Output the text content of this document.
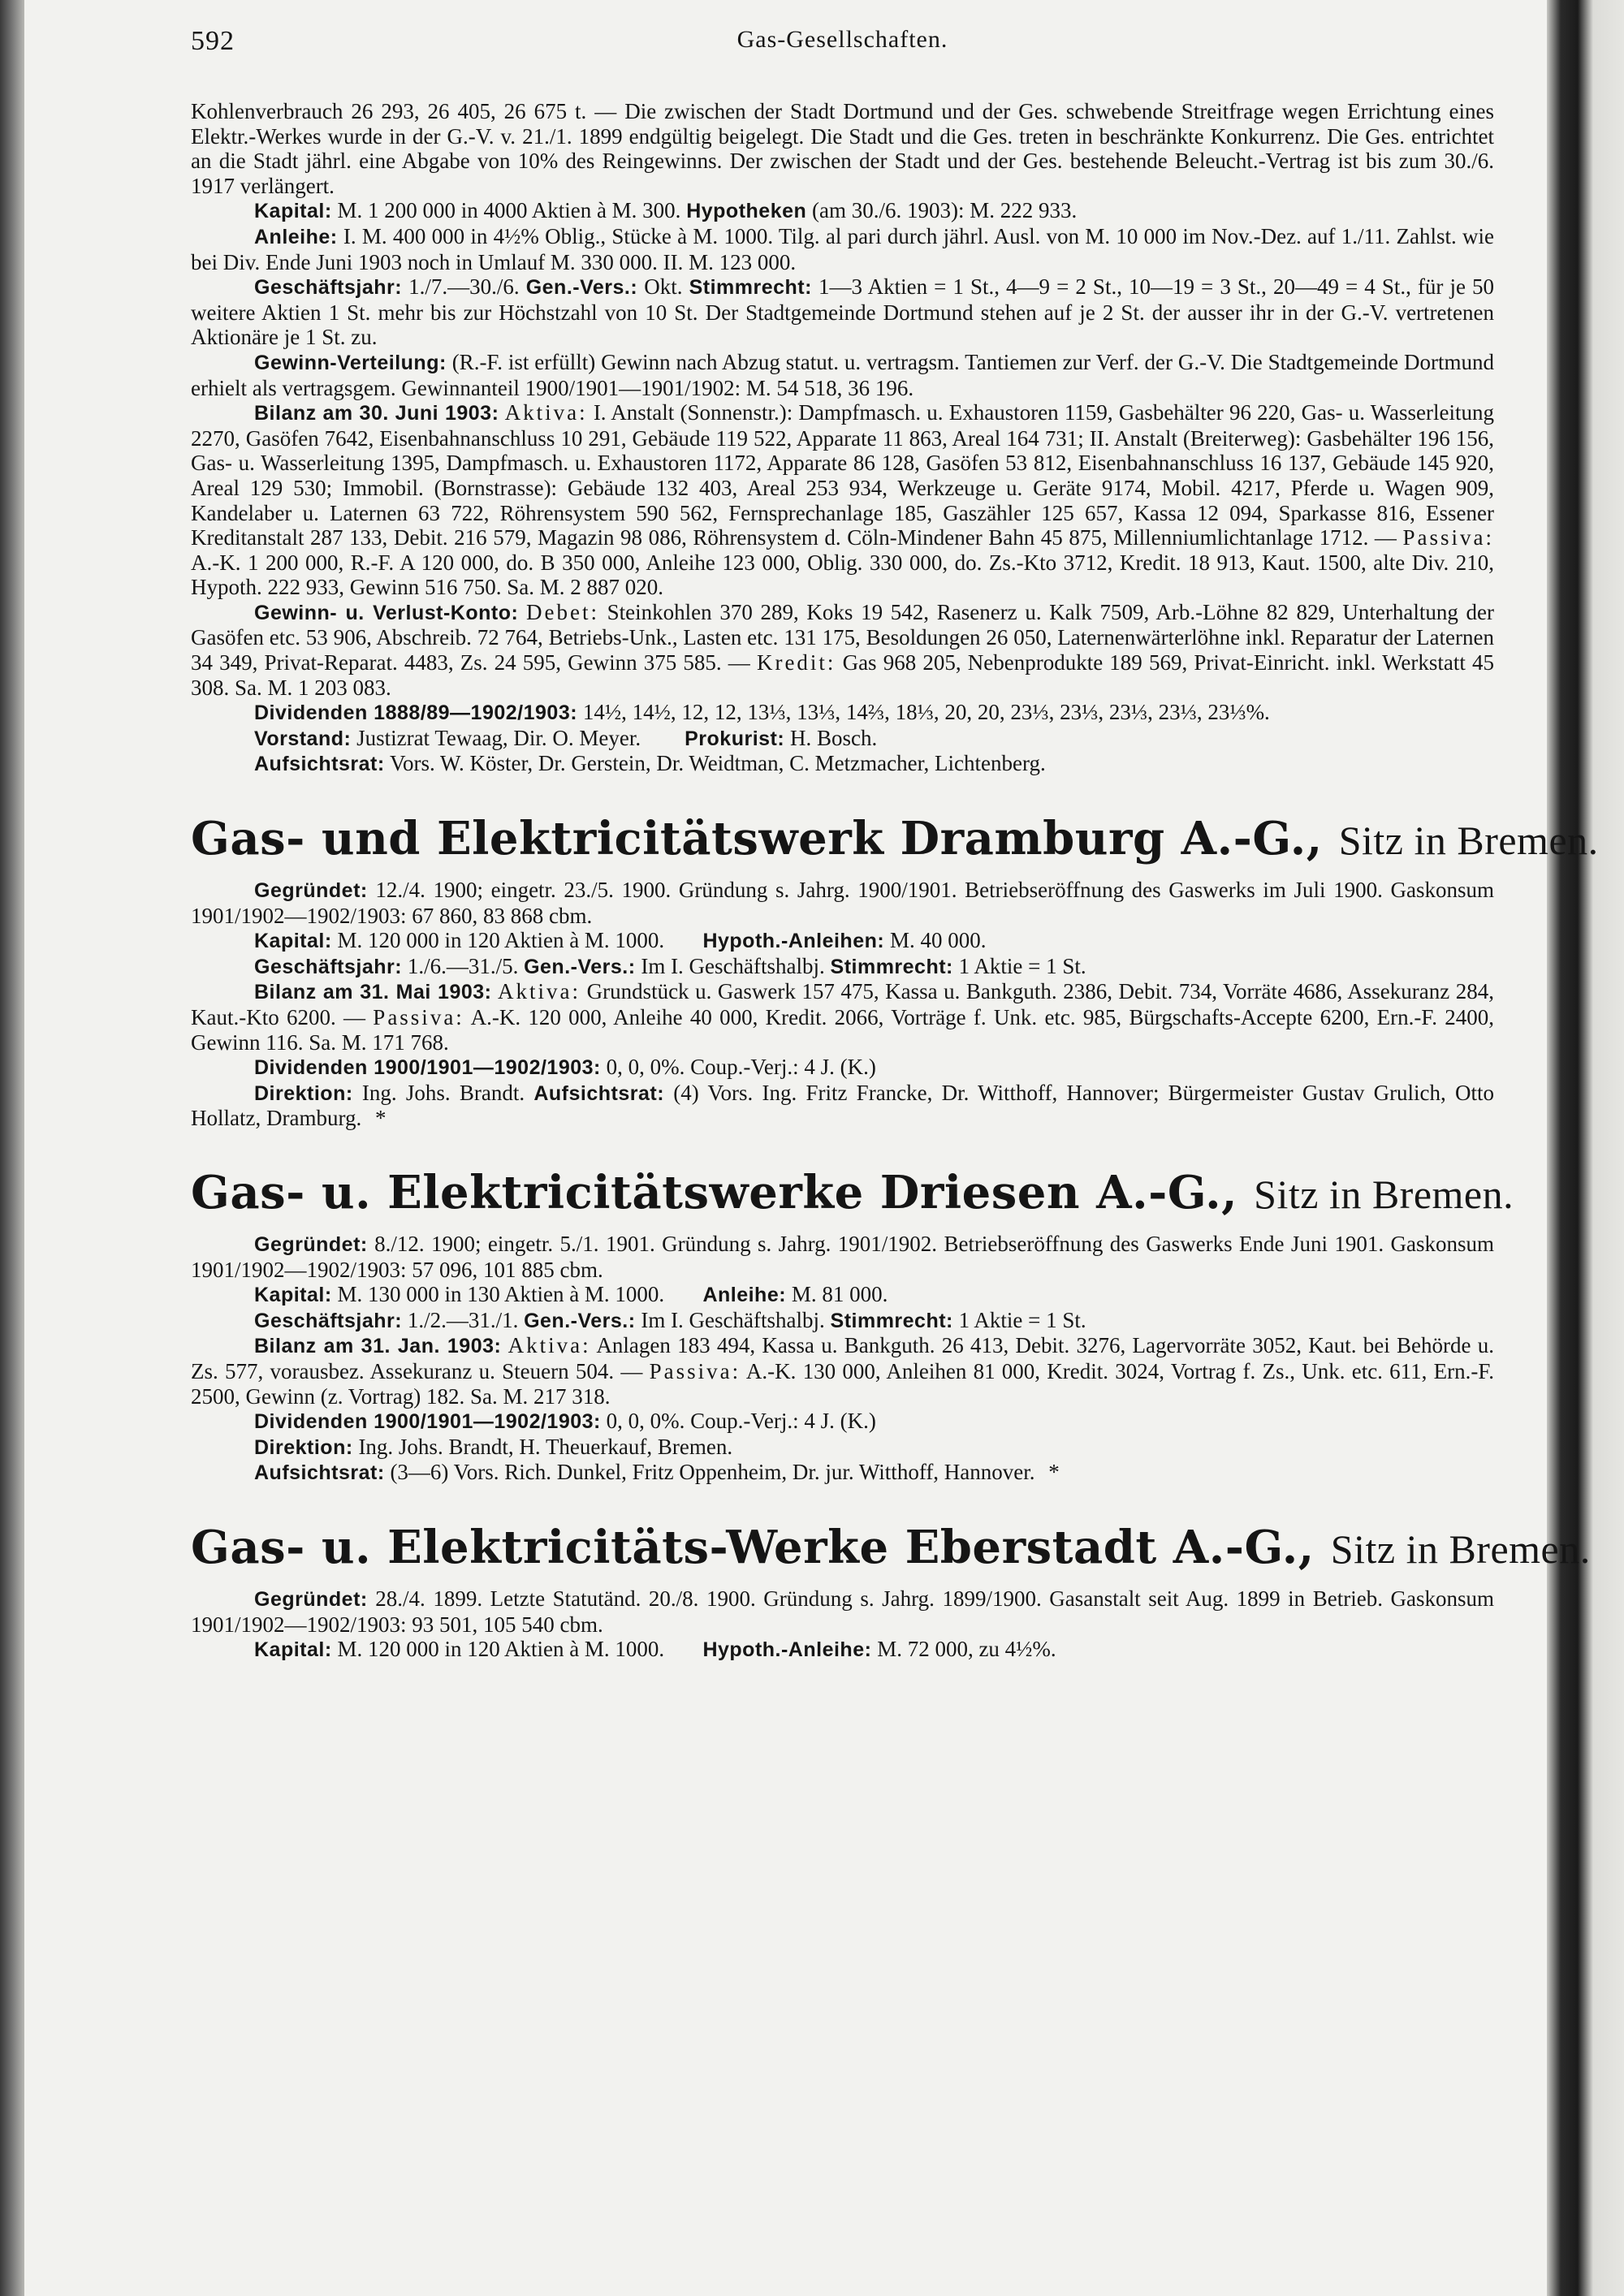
592	Gas-Gesellschaften.

Kohlenverbrauch 26 293, 26 405, 26 675 t. — Die zwischen der Stadt Dortmund und der Ges. schwebende Streitfrage wegen Errichtung eines Elektr.-Werkes wurde in der G.-V. v. 21./1. 1899 endgültig beigelegt. Die Stadt und die Ges. treten in beschränkte Konkurrenz. Die Ges. entrichtet an die Stadt jährl. eine Abgabe von 10% des Reingewinns. Der zwischen der Stadt und der Ges. bestehende Beleucht.-Vertrag ist bis zum 30./6. 1917 verlängert.

Kapital: M. 1 200 000 in 4000 Aktien à M. 300. Hypotheken (am 30./6. 1903): M. 222 933.

Anleihe: I. M. 400 000 in 4½% Oblig., Stücke à M. 1000. Tilg. al pari durch jährl. Ausl. von M. 10 000 im Nov.-Dez. auf 1./11. Zahlst. wie bei Div. Ende Juni 1903 noch in Umlauf M. 330 000. II. M. 123 000.

Geschäftsjahr: 1./7.—30./6. Gen.-Vers.: Okt. Stimmrecht: 1—3 Aktien = 1 St., 4—9 = 2 St., 10—19 = 3 St., 20—49 = 4 St., für je 50 weitere Aktien 1 St. mehr bis zur Höchstzahl von 10 St. Der Stadtgemeinde Dortmund stehen auf je 2 St. der ausser ihr in der G.-V. vertretenen Aktionäre je 1 St. zu.

Gewinn-Verteilung: (R.-F. ist erfüllt) Gewinn nach Abzug statut. u. vertragsm. Tantiemen zur Verf. der G.-V. Die Stadtgemeinde Dortmund erhielt als vertragsgem. Gewinnanteil 1900/1901—1901/1902: M. 54 518, 36 196.

Bilanz am 30. Juni 1903: Aktiva: I. Anstalt (Sonnenstr.): Dampfmasch. u. Exhaustoren 1159, Gasbehälter 96 220, Gas- u. Wasserleitung 2270, Gasöfen 7642, Eisenbahnanschluss 10 291, Gebäude 119 522, Apparate 11 863, Areal 164 731; II. Anstalt (Breiterweg): Gasbehälter 196 156, Gas- u. Wasserleitung 1395, Dampfmasch. u. Exhaustoren 1172, Apparate 86 128, Gasöfen 53 812, Eisenbahnanschluss 16 137, Gebäude 145 920, Areal 129 530; Immobil. (Bornstrasse): Gebäude 132 403, Areal 253 934, Werkzeuge u. Geräte 9174, Mobil. 4217, Pferde u. Wagen 909, Kandelaber u. Laternen 63 722, Röhrensystem 590 562, Fernsprechanlage 185, Gaszähler 125 657, Kassa 12 094, Sparkasse 816, Essener Kreditanstalt 287 133, Debit. 216 579, Magazin 98 086, Röhrensystem d. Cöln-Mindener Bahn 45 875, Millenniumlichtanlage 1712. — Passiva: A.-K. 1 200 000, R.-F. A 120 000, do. B 350 000, Anleihe 123 000, Oblig. 330 000, do. Zs.-Kto 3712, Kredit. 18 913, Kaut. 1500, alte Div. 210, Hypoth. 222 933, Gewinn 516 750. Sa. M. 2 887 020.

Gewinn- u. Verlust-Konto: Debet: Steinkohlen 370 289, Koks 19 542, Rasenerz u. Kalk 7509, Arb.-Löhne 82 829, Unterhaltung der Gasöfen etc. 53 906, Abschreib. 72 764, Betriebs-Unk., Lasten etc. 131 175, Besoldungen 26 050, Laternenwärterlöhne inkl. Reparatur der Laternen 34 349, Privat-Reparat. 4483, Zs. 24 595, Gewinn 375 585. — Kredit: Gas 968 205, Nebenprodukte 189 569, Privat-Einricht. inkl. Werkstatt 45 308. Sa. M. 1 203 083.

Dividenden 1888/89—1902/1903: 14½, 14½, 12, 12, 13⅓, 13⅓, 14⅔, 18⅓, 20, 20, 23⅓, 23⅓, 23⅓, 23⅓, 23⅓%.

Vorstand: Justizrat Tewaag, Dir. O. Meyer. Prokurist: H. Bosch.

Aufsichtsrat: Vors. W. Köster, Dr. Gerstein, Dr. Weidtman, C. Metzmacher, Lichtenberg.

Gas- und Elektricitätswerk Dramburg A.-G., Sitz in Bremen.

Gegründet: 12./4. 1900; eingetr. 23./5. 1900. Gründung s. Jahrg. 1900/1901. Betriebseröffnung des Gaswerks im Juli 1900. Gaskonsum 1901/1902—1902/1903: 67 860, 83 868 cbm.

Kapital: M. 120 000 in 120 Aktien à M. 1000. Hypoth.-Anleihen: M. 40 000.

Geschäftsjahr: 1./6.—31./5. Gen.-Vers.: Im I. Geschäftshalbj. Stimmrecht: 1 Aktie = 1 St.

Bilanz am 31. Mai 1903: Aktiva: Grundstück u. Gaswerk 157 475, Kassa u. Bankguth. 2386, Debit. 734, Vorräte 4686, Assekuranz 284, Kaut.-Kto 6200. — Passiva: A.-K. 120 000, Anleihe 40 000, Kredit. 2066, Vorträge f. Unk. etc. 985, Bürgschafts-Accepte 6200, Ern.-F. 2400, Gewinn 116. Sa. M. 171 768.

Dividenden 1900/1901—1902/1903: 0, 0, 0%. Coup.-Verj.: 4 J. (K.)

Direktion: Ing. Johs. Brandt. Aufsichtsrat: (4) Vors. Ing. Fritz Francke, Dr. Witthoff, Hannover; Bürgermeister Gustav Grulich, Otto Hollatz, Dramburg. *

Gas- u. Elektricitätswerke Driesen A.-G., Sitz in Bremen.

Gegründet: 8./12. 1900; eingetr. 5./1. 1901. Gründung s. Jahrg. 1901/1902. Betriebseröffnung des Gaswerks Ende Juni 1901. Gaskonsum 1901/1902—1902/1903: 57 096, 101 885 cbm.

Kapital: M. 130 000 in 130 Aktien à M. 1000. Anleihe: M. 81 000.

Geschäftsjahr: 1./2.—31./1. Gen.-Vers.: Im I. Geschäftshalbj. Stimmrecht: 1 Aktie = 1 St.

Bilanz am 31. Jan. 1903: Aktiva: Anlagen 183 494, Kassa u. Bankguth. 26 413, Debit. 3276, Lagervorräte 3052, Kaut. bei Behörde u. Zs. 577, vorausbez. Assekuranz u. Steuern 504. — Passiva: A.-K. 130 000, Anleihen 81 000, Kredit. 3024, Vortrag f. Zs., Unk. etc. 611, Ern.-F. 2500, Gewinn (z. Vortrag) 182. Sa. M. 217 318.

Dividenden 1900/1901—1902/1903: 0, 0, 0%. Coup.-Verj.: 4 J. (K.)

Direktion: Ing. Johs. Brandt, H. Theuerkauf, Bremen.

Aufsichtsrat: (3—6) Vors. Rich. Dunkel, Fritz Oppenheim, Dr. jur. Witthoff, Hannover. *

Gas- u. Elektricitäts-Werke Eberstadt A.-G., Sitz in Bremen.

Gegründet: 28./4. 1899. Letzte Statutänd. 20./8. 1900. Gründung s. Jahrg. 1899/1900. Gasanstalt seit Aug. 1899 in Betrieb. Gaskonsum 1901/1902—1902/1903: 93 501, 105 540 cbm.

Kapital: M. 120 000 in 120 Aktien à M. 1000. Hypoth.-Anleihe: M. 72 000, zu 4½%.
